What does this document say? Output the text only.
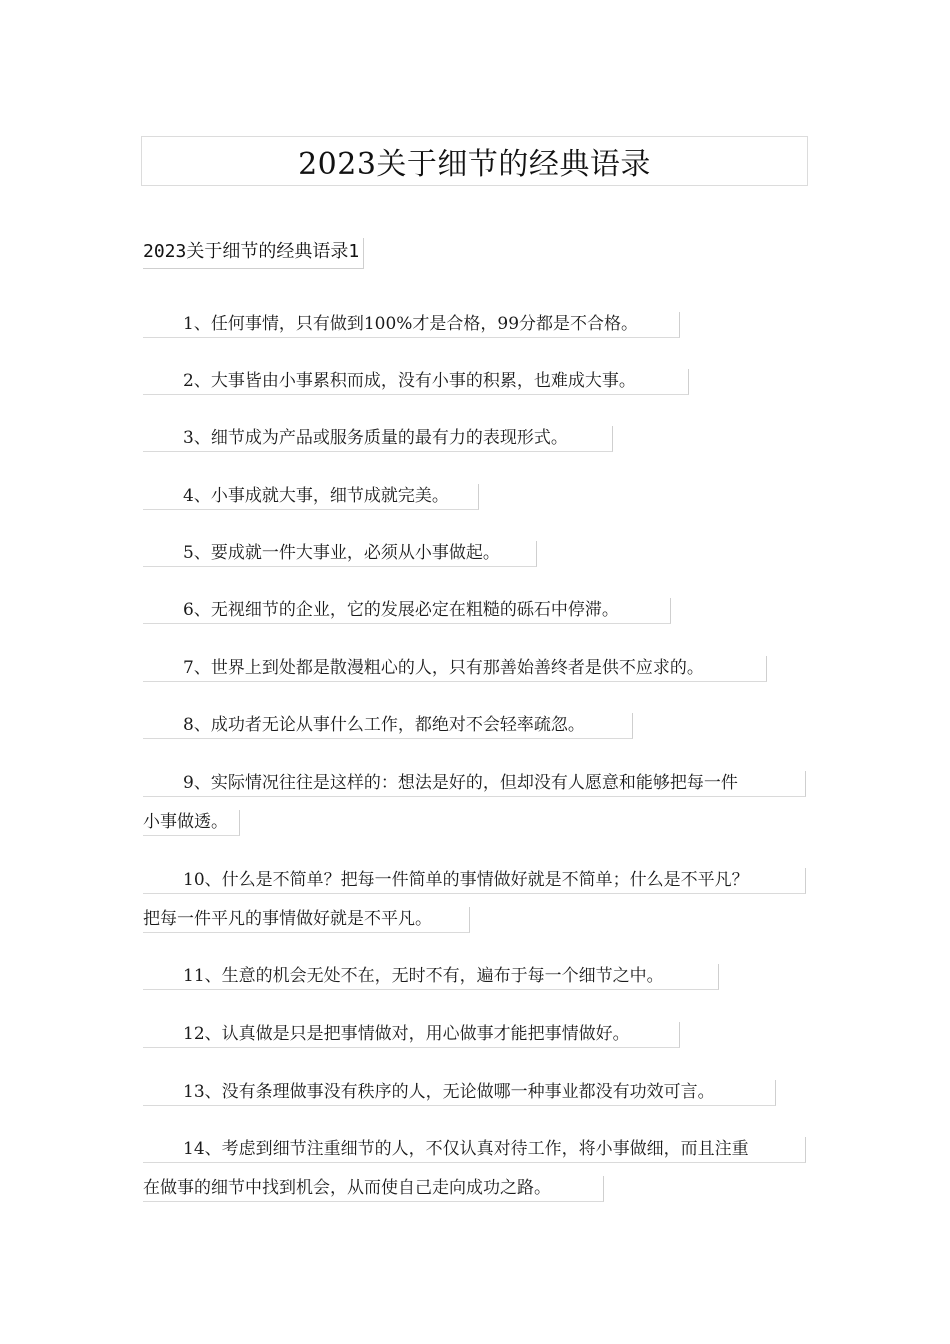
2023关于细节的经典语录
2023关于细节的经典语录1
1、任何事情，只有做到100%才是合格，99分都是不合格。
2、大事皆由小事累积而成，没有小事的积累，也难成大事。
3、细节成为产品或服务质量的最有力的表现形式。
4、小事成就大事，细节成就完美。
5、要成就一件大事业，必须从小事做起。
6、无视细节的企业，它的发展必定在粗糙的砾石中停滞。
7、世界上到处都是散漫粗心的人，只有那善始善终者是供不应求的。
8、成功者无论从事什么工作，都绝对不会轻率疏忽。
9、实际情况往往是这样的：想法是好的，但却没有人愿意和能够把每一件
小事做透。
10、什么是不简单？把每一件简单的事情做好就是不简单；什么是不平凡？
把每一件平凡的事情做好就是不平凡。
11、生意的机会无处不在，无时不有，遍布于每一个细节之中。
12、认真做是只是把事情做对，用心做事才能把事情做好。
13、没有条理做事没有秩序的人，无论做哪一种事业都没有功效可言。
14、考虑到细节注重细节的人，不仅认真对待工作，将小事做细，而且注重
在做事的细节中找到机会，从而使自己走向成功之路。
